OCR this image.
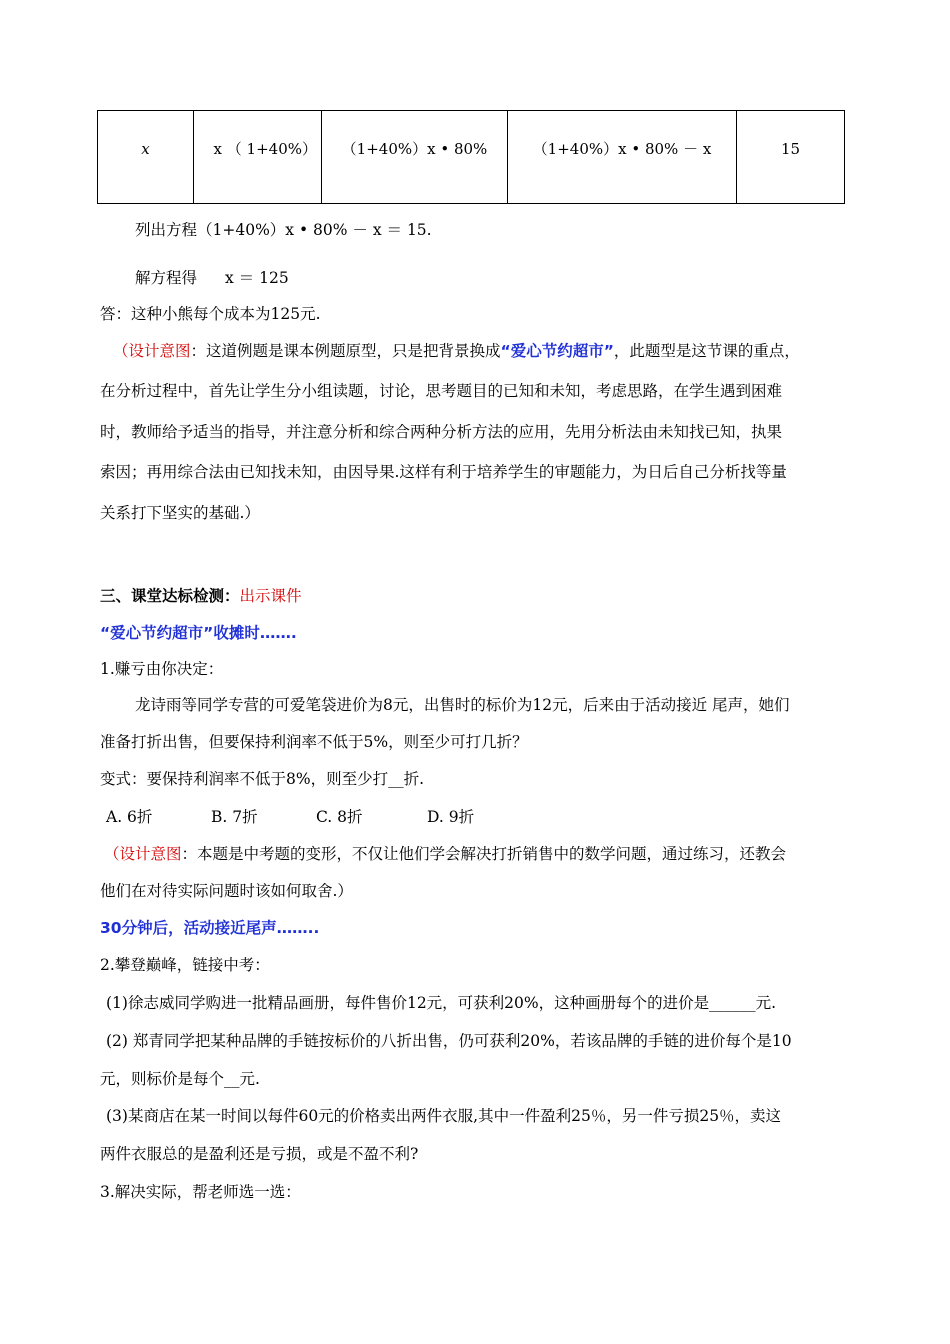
x	x （ 1+40%）	（1+40%）x • 80%	（1+40%）x • 80% － x	15
列出方程（1+40%）x • 80% － x ＝ 15.
解方程得 x ＝ 125
答：这种小熊每个成本为125元.
（设计意图：这道例题是课本例题原型，只是把背景换成“爱心节约超市”，此题型是这节课的重点，
在分析过程中，首先让学生分小组读题，讨论，思考题目的已知和未知，考虑思路，在学生遇到困难
时，教师给予适当的指导，并注意分析和综合两种分析方法的应用，先用分析法由未知找已知，执果
索因；再用综合法由已知找未知，由因导果.这样有利于培养学生的审题能力，为日后自己分析找等量
关系打下坚实的基础.）
三、课堂达标检测：出示课件
“爱心节约超市”收摊时…….
1.赚亏由你决定：
龙诗雨等同学专营的可爱笔袋进价为8元，出售时的标价为12元，后来由于活动接近 尾声，她们
准备打折出售，但要保持利润率不低于5%，则至少可打几折？
变式：要保持利润率不低于8%，则至少打__折.
A. 6折	B. 7折	C. 8折	D. 9折
（设计意图：本题是中考题的变形，不仅让他们学会解决打折销售中的数学问题，通过练习，还教会
他们在对待实际问题时该如何取舍.）
30分钟后，活动接近尾声……..
2.攀登巅峰，链接中考：
(1)徐志威同学购进一批精品画册，每件售价12元，可获利20%，这种画册每个的进价是______元.
(2) 郑青同学把某种品牌的手链按标价的八折出售，仍可获利20%，若该品牌的手链的进价每个是10
元，则标价是每个__元.
(3)某商店在某一时间以每件60元的价格卖出两件衣服,其中一件盈利25％，另一件亏损25％，卖这
两件衣服总的是盈利还是亏损，或是不盈不利?
3.解决实际，帮老师选一选：
